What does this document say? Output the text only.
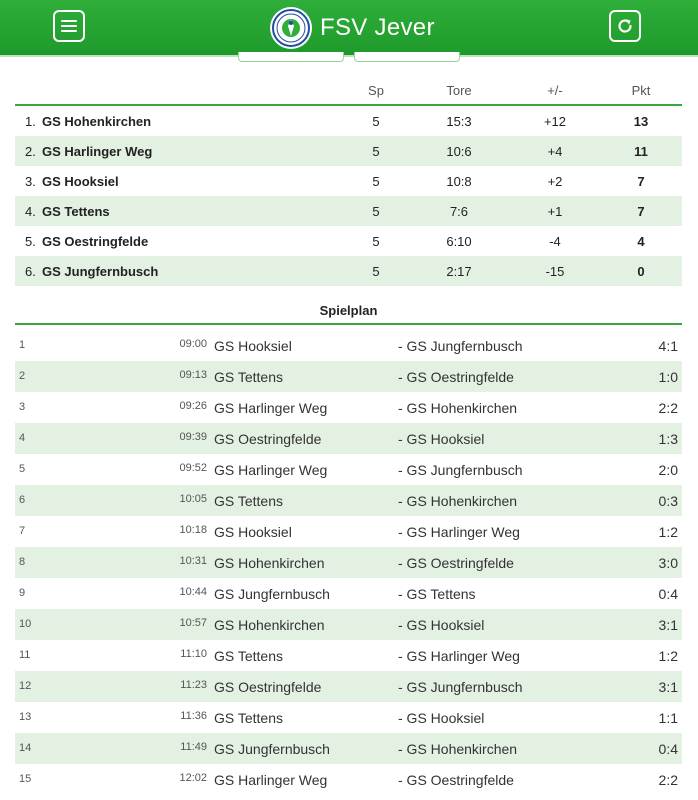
FSV Jever
Sp	Tore	+/-	Pkt
1. GS Hohenkirchen	5	15:3	+12	13
2. GS Harlinger Weg	5	10:6	+4	11
3. GS Hooksiel	5	10:8	+2	7
4. GS Tettens	5	7:6	+1	7
5. GS Oestringfelde	5	6:10	-4	4
6. GS Jungfernbusch	5	2:17	-15	0
Spielplan
1	09:00 GS Hooksiel	- GS Jungfernbusch	4:1
2	09:13 GS Tettens	- GS Oestringfelde	1:0
3	09:26 GS Harlinger Weg	- GS Hohenkirchen	2:2
4	09:39 GS Oestringfelde	- GS Hooksiel	1:3
5	09:52 GS Harlinger Weg	- GS Jungfernbusch	2:0
6	10:05 GS Tettens	- GS Hohenkirchen	0:3
7	10:18 GS Hooksiel	- GS Harlinger Weg	1:2
8	10:31 GS Hohenkirchen	- GS Oestringfelde	3:0
9	10:44 GS Jungfernbusch	- GS Tettens	0:4
10	10:57 GS Hohenkirchen	- GS Hooksiel	3:1
11	11:10 GS Tettens	- GS Harlinger Weg	1:2
12	11:23 GS Oestringfelde	- GS Jungfernbusch	3:1
13	11:36 GS Tettens	- GS Hooksiel	1:1
14	11:49 GS Jungfernbusch	- GS Hohenkirchen	0:4
15	12:02 GS Harlinger Weg	- GS Oestringfelde	2:2
